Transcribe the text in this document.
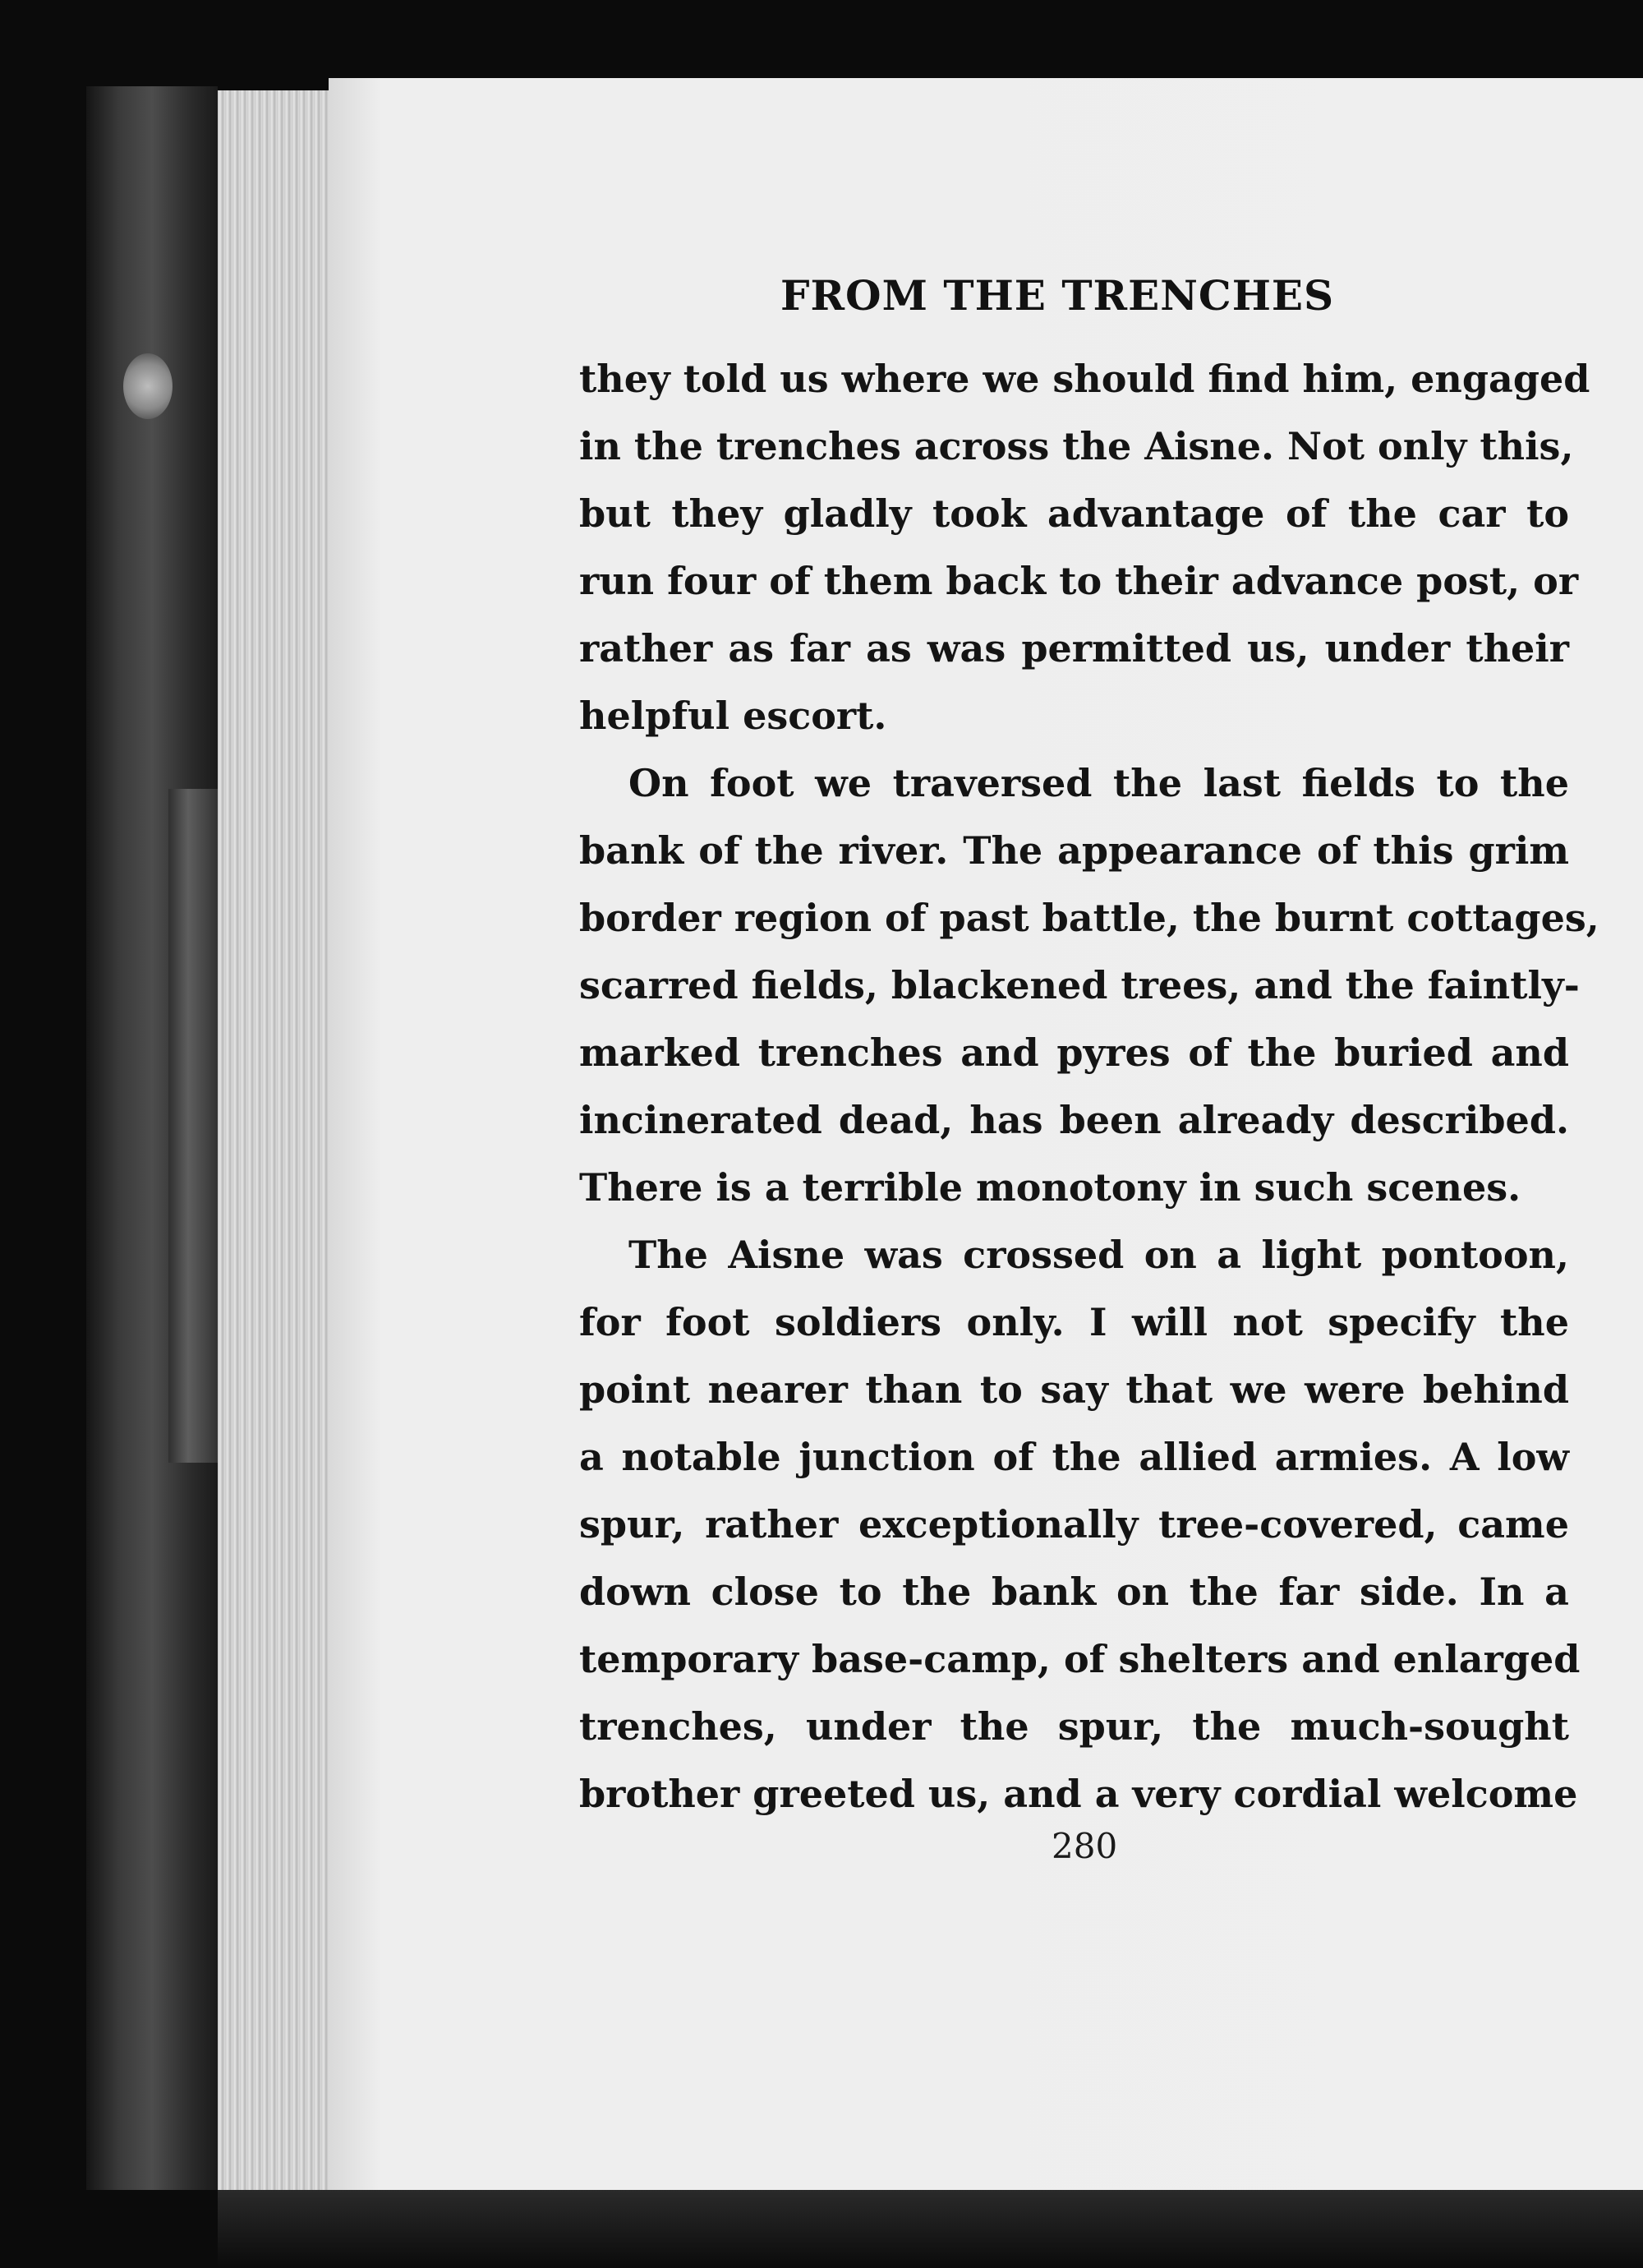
FROM THE TRENCHES
they told us where we should find him, engaged
in the trenches across the Aisne. Not only this,
but they gladly took advantage of the car to
run four of them back to their advance post, or
rather as far as was permitted us, under their
helpful escort.
On foot we traversed the last fields to the
bank of the river. The appearance of this grim
border region of past battle, the burnt cottages,
scarred fields, blackened trees, and the faintly-
marked trenches and pyres of the buried and
incinerated dead, has been already described.
There is a terrible monotony in such scenes.
The Aisne was crossed on a light pontoon,
for foot soldiers only. I will not specify the
point nearer than to say that we were behind
a notable junction of the allied armies. A low
spur, rather exceptionally tree-covered, came
down close to the bank on the far side. In a
temporary base-camp, of shelters and enlarged
trenches, under the spur, the much-sought
brother greeted us, and a very cordial welcome

280
